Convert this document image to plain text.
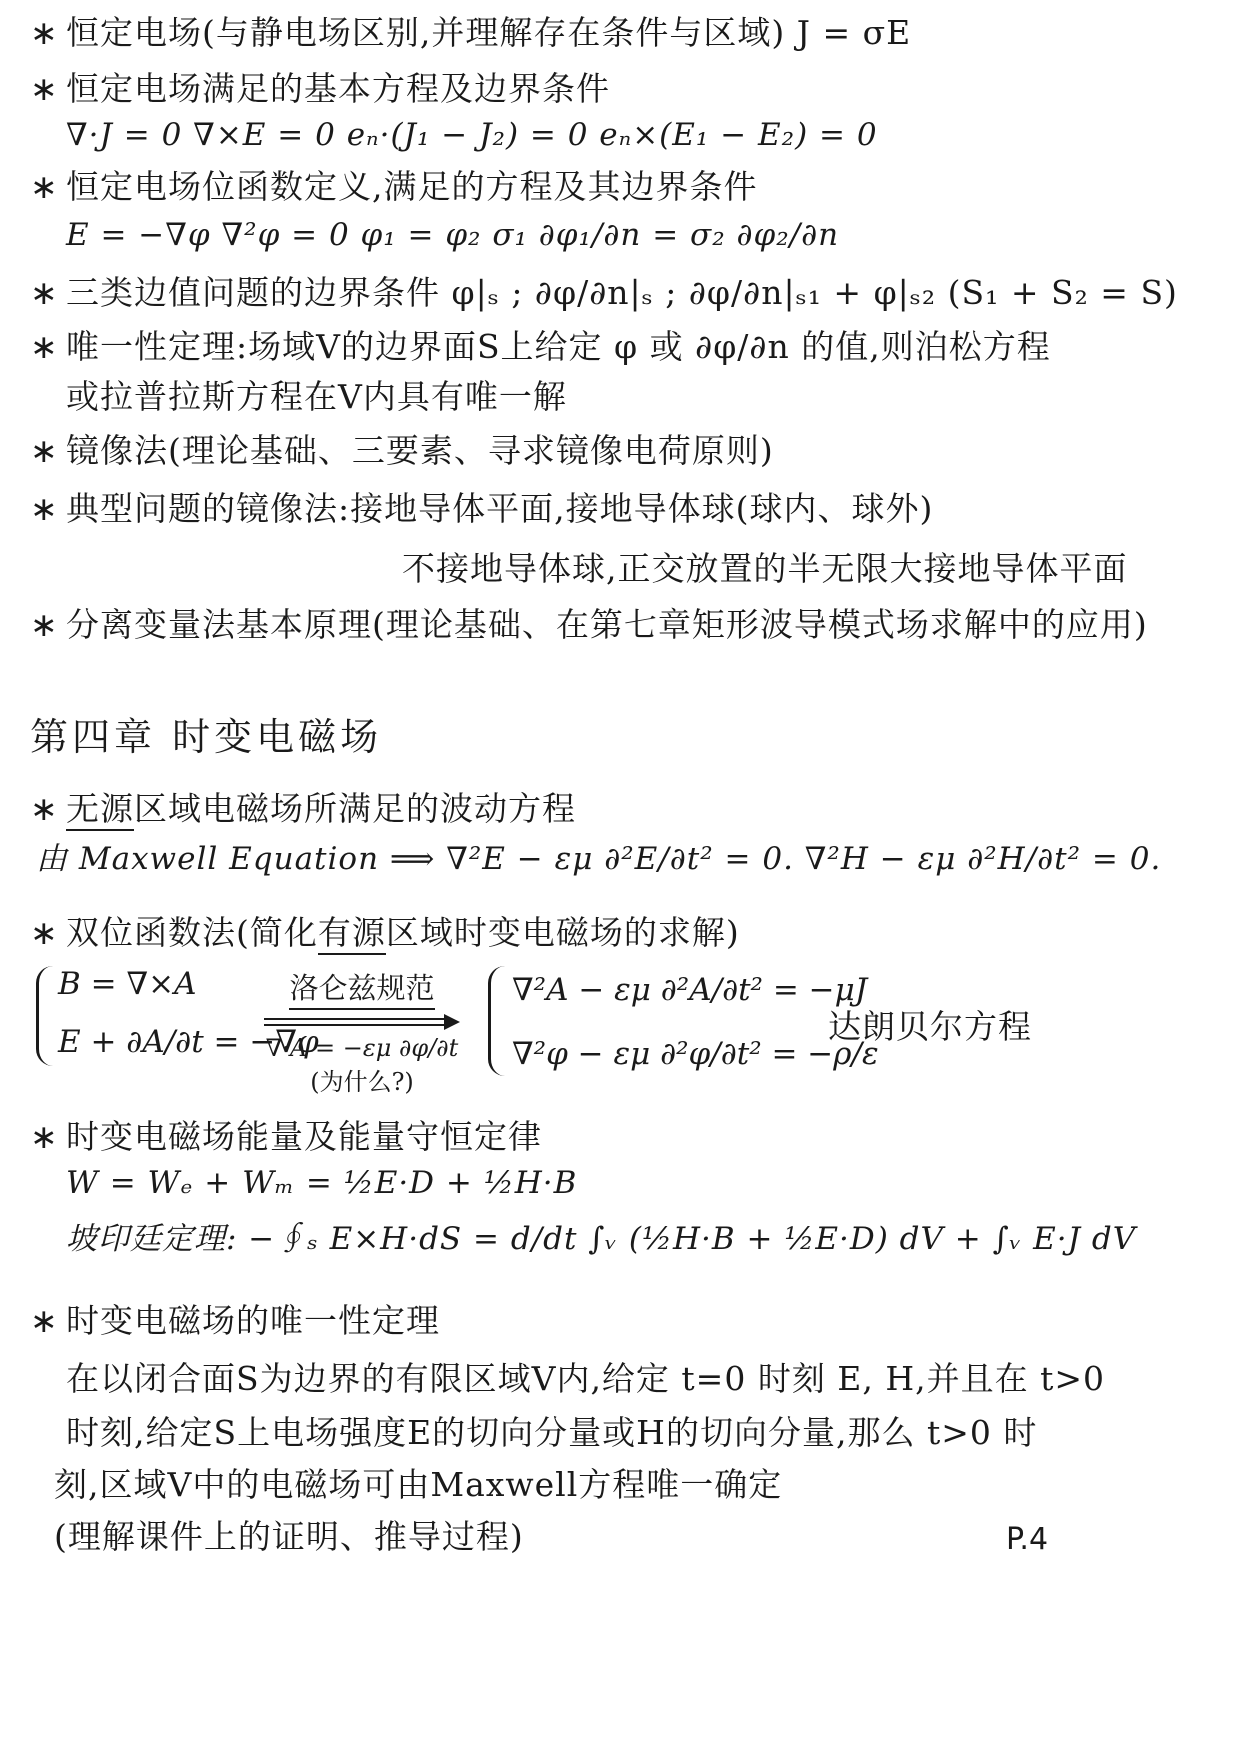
∗ 恒定电场(与静电场区别,并理解存在条件与区域) J = σE
∗ 恒定电场满足的基本方程及边界条件
∇·J = 0 ∇×E = 0 eₙ·(J₁ − J₂) = 0 eₙ×(E₁ − E₂) = 0
∗ 恒定电场位函数定义,满足的方程及其边界条件
E = −∇φ ∇²φ = 0 φ₁ = φ₂ σ₁ ∂φ₁/∂n = σ₂ ∂φ₂/∂n
∗ 三类边值问题的边界条件 φ|ₛ ; ∂φ/∂n|ₛ ; ∂φ/∂n|ₛ₁ + φ|ₛ₂ (S₁ + S₂ = S)
∗ 唯一性定理:场域V的边界面S上给定 φ 或 ∂φ/∂n 的值,则泊松方程
或拉普拉斯方程在V内具有唯一解
∗ 镜像法(理论基础、三要素、寻求镜像电荷原则)
∗ 典型问题的镜像法:接地导体平面,接地导体球(球内、球外)
不接地导体球,正交放置的半无限大接地导体平面
∗ 分离变量法基本原理(理论基础、在第七章矩形波导模式场求解中的应用)
第四章 时变电磁场
∗ 无源区域电磁场所满足的波动方程
由 Maxwell Equation ⟹ ∇²E − εμ ∂²E/∂t² = 0. ∇²H − εμ ∂²H/∂t² = 0.
∗ 双位函数法(简化有源区域时变电磁场的求解)
B = ∇×A
E + ∂A/∂t = −∇φ
洛仑兹规范
∇·A = −εμ ∂φ/∂t
(为什么?)
∇²A − εμ ∂²A/∂t² = −μJ
∇²φ − εμ ∂²φ/∂t² = −ρ/ε
达朗贝尔方程
∗ 时变电磁场能量及能量守恒定律
W = Wₑ + Wₘ = ½E·D + ½H·B
坡印廷定理: −∮ₛ E×H·dS = d/dt ∫ᵥ (½H·B + ½E·D) dV + ∫ᵥ E·J dV
∗ 时变电磁场的唯一性定理
在以闭合面S为边界的有限区域V内,给定 t=0 时刻 E, H,并且在 t>0
时刻,给定S上电场强度E的切向分量或H的切向分量,那么 t>0 时
刻,区域V中的电磁场可由Maxwell方程唯一确定
(理解课件上的证明、推导过程)	P.4
